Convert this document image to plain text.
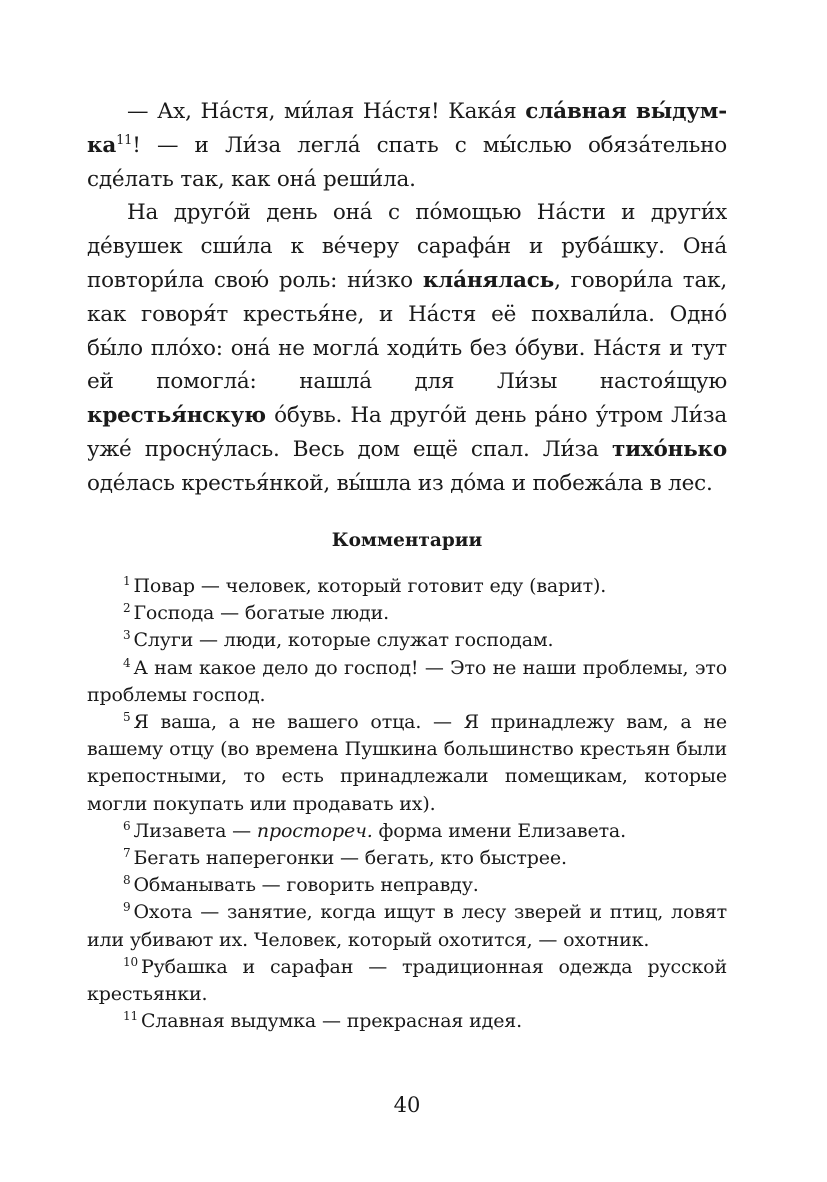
— Ах, На́стя, ми́лая На́стя! Кака́я сла́вная $вы́дум-ка^{11}$! — и Ли́за легла́ спать с мы́слью обяза́тельно сде́лать так, как она́ реши́ла.

На друго́й день она́ с по́мощью На́сти и други́х де́вушек сши́ла к ве́черу сарафа́н и руба́шку. Она́ повтори́ла свою́ роль: ни́зко кла́нялась, говори́ла так, как говоря́т крестья́не, и На́стя её похвали́ла. Одно́ бы́ло пло́хо: она́ не могла́ ходи́ть без о́буви. На́стя и тут ей помогла́: нашла́ для Ли́зы настоя́щую крестья́нскую о́бувь. На друго́й день ра́но у́тром Ли́за уже́ просну́лась. Весь дом ещё спал. Ли́за тихо́нько оде́лась крестья́нкой, вы́шла из до́ма и побежа́ла в лес.

Комментарии

$^1$ Повар — человек, который готовит еду (варит).

$^2$ Господа — богатые люди.

$^3$ Слуги — люди, которые служат господам.

$^4$ А нам какое дело до господ! — Это не наши проблемы, это проблемы господ.

$^5$ Я ваша, а не вашего отца. — Я принадлежу вам, а не вашему отцу (во времена Пушкина большинство крестьян были крепостными, то есть принадлежали помещикам, которые могли покупать или продавать их).

$^6$ Лизавета — простореч. форма имени Елизавета.

$^7$ Бегать наперегонки — бегать, кто быстрее.

$^8$ Обманывать — говорить неправду.

$^9$ Охота — занятие, когда ищут в лесу зверей и птиц, ловят или убивают их. Человек, который охотится, — охотник.

$^{10}$ Рубашка и сарафан — традиционная одежда русской крестьянки.

$^{11}$ Славная выдумка — прекрасная идея.

40
